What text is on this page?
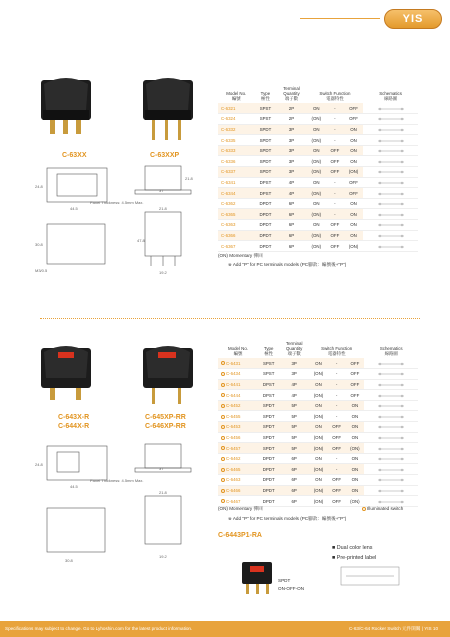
YIS
C-63XX	C-63XXP
24.8
44.5
21.8
37
Panel Thickness: 4.5mm Max.
21.8
30.8
19.2
47.8
M3/0.5
Model No.
編號	Type
極性	Terminal
Quantity
端子數	Switch Function
電器特性			Schematics
線路圖
C-6321	SPST	2P	ON	-	OFF	
C-6324	SPST	2P	(ON)	-	OFF	
C-6332	SPDT	3P	ON	-	ON	
C-6335	SPDT	3P	(ON)	-	ON	
C-6333	SPDT	3P	ON	OFF	ON	
C-6336	SPDT	3P	(ON)	OFF	ON	
C-6337	SPDT	3P	(ON)	OFF	(ON)	
C-6341	DPST	4P	ON	-	OFF	
C-6344	DPST	4P	(ON)	-	OFF	
C-6362	DPDT	6P	ON	-	ON	
C-6365	DPDT	6P	(ON)	-	ON	
C-6363	DPDT	6P	ON	OFF	ON	
C-6366	DPDT	6P	(ON)	OFF	ON	
C-6367	DPDT	6P	(ON)	OFF	(ON)	
(ON) Momentary 彈回
※ Add "P" for PC terminals models (PC腳款：編號後+"P")
C-643X-R
C-644X-R
C-645XP-RR
C-646XP-RR
24.8
44.5
37
Panel Thickness: 4.5mm Max.
21.8
19.2
30.8
Model No.
編號	Type
極性	Terminal
Quantity
端子數	Switch Function
電器特性			Schematics
線路圖
C-6431	SPST	3P	ON	-	OFF	
C-6434	SPST	3P	(ON)	-	OFF	
C-6441	DPST	4P	ON	-	OFF	
C-6444	DPST	4P	(ON)	-	OFF	
C-6452	SPDT	5P	ON	-	ON	
C-6455	SPDT	5P	(ON)	-	ON	
C-6453	SPDT	5P	ON	OFF	ON	
C-6456	SPDT	5P	(ON)	OFF	ON	
C-6457	SPDT	5P	(ON)	OFF	(ON)	
C-6462	DPDT	6P	ON	-	ON	
C-6465	DPDT	6P	(ON)	-	ON	
C-6463	DPDT	6P	ON	OFF	ON	
C-6466	DPDT	6P	(ON)	OFF	ON	
C-6467	DPDT	6P	(ON)	OFF	(ON)	
(ON) Momentary 彈回	Illuminated switch
※ Add "P" for PC terminals models (PC腳款：編號後+"P")
C-6443P1-RA
■ Dual color lens
■ Pre-printed label
SPDT
ON-OFF-ON
Specifications may subject to change. Go to Lyhoshin.com for the latest product information.	C-63/C-64 Rocker Switch 元件開關 | YIS 10
